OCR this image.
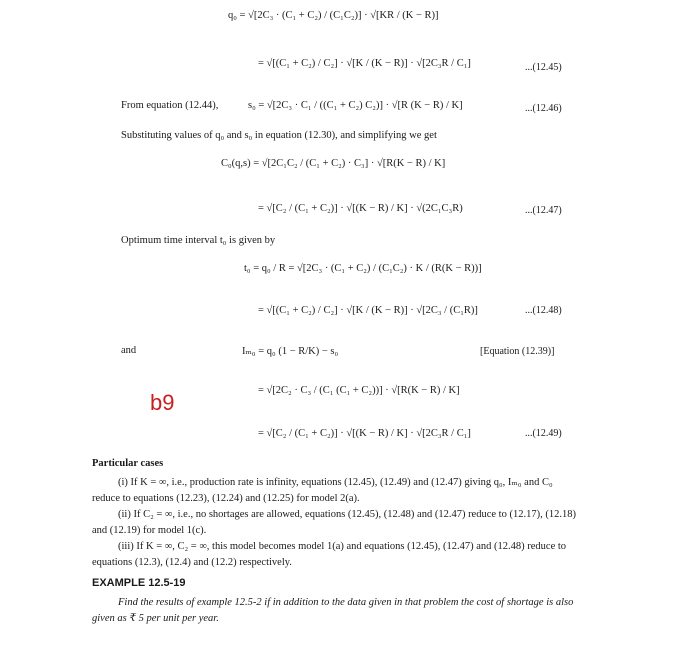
q₀ = √[2C₃ · (C₁ + C₂) / (C₁C₂)] · √[KR / (K − R)]
= √[(C₁ + C₂) / C₂] · √[K / (K − R)] · √[2C₃R / C₁]	...(12.45)
From equation (12.44),	s₀ = √[2C₃ · C₁ / ((C₁ + C₂) C₂)] · √[R (K − R) / K]	...(12.46)
Substituting values of q₀ and s₀ in equation (12.30), and simplifying we get
C₀(q,s) = √[2C₁C₂ / (C₁ + C₂) · C₃] · √[R(K − R) / K]
= √[C₂ / (C₁ + C₂)] · √[(K − R) / K] · √(2C₁C₃R)	...(12.47)
Optimum time interval t₀ is given by
t₀ = q₀ / R = √[2C₃ · (C₁ + C₂) / (C₁C₂) · K / (R(K − R))]
= √[(C₁ + C₂) / C₂] · √[K / (K − R)] · √[2C₃ / (C₁R)]	...(12.48)
and	Iₘ₀ = q₀ (1 − R/K) − s₀	[Equation (12.39)]
b9	= √[2C₂ · C₃ / (C₁ (C₁ + C₂))] · √[R(K − R) / K]
= √[C₂ / (C₁ + C₂)] · √[(K − R) / K] · √[2C₃R / C₁]	...(12.49)
Particular cases
(i) If K = ∞, i.e., production rate is infinity, equations (12.45), (12.49) and (12.47) giving q₀, Iₘ₀ and C₀ reduce to equations (12.23), (12.24) and (12.25) for model 2(a).
(ii) If C₂ = ∞, i.e., no shortages are allowed, equations (12.45), (12.48) and (12.47) reduce to (12.17), (12.18) and (12.19) for model 1(c).
(iii) If K = ∞, C₂ = ∞, this model becomes model 1(a) and equations (12.45), (12.47) and (12.48) reduce to equations (12.3), (12.4) and (12.2) respectively.
EXAMPLE 12.5-19
Find the results of example 12.5-2 if in addition to the data given in that problem the cost of shortage is also given as ₹ 5 per unit per year.
